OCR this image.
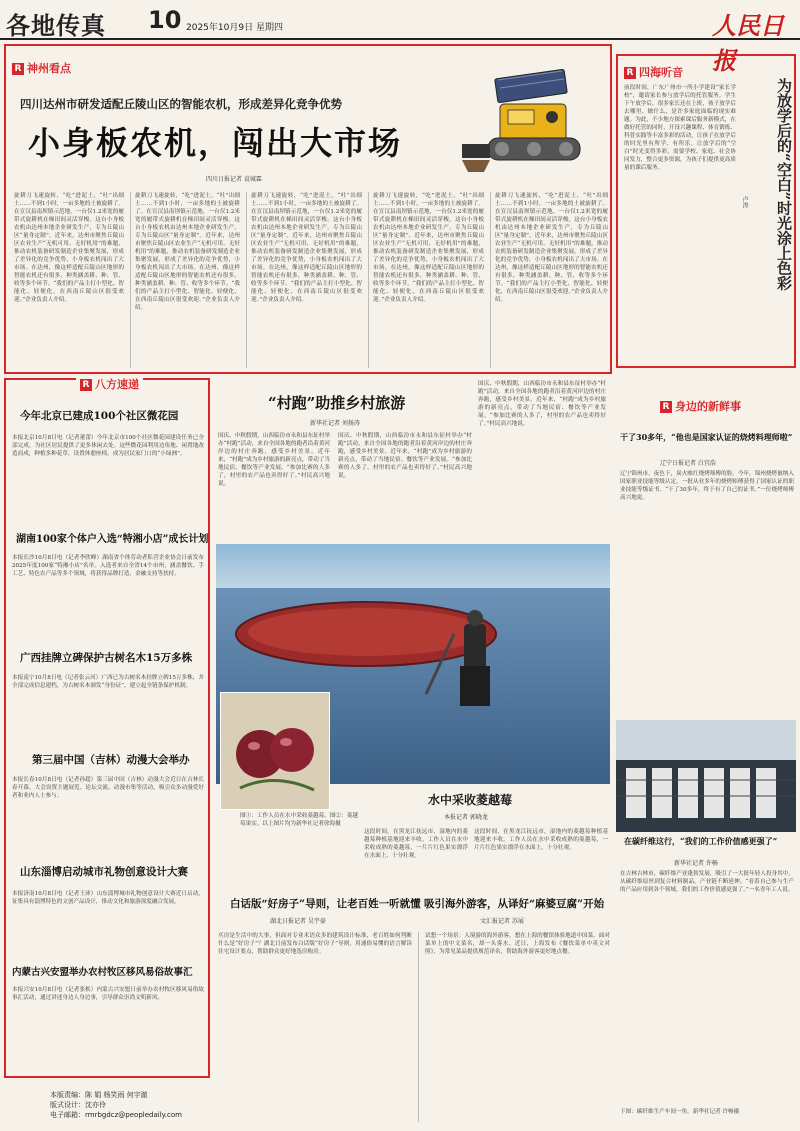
各地传真 10 2025年10月9日 星期四	人民日报
R 神州看点
四川达州市研发适配丘陵山区的智能农机，形成差异化竞争优势
小身板农机，闯出大市场
四川日报记者 袁城霖
旋耕刀飞速旋转，“吃”进泥土，“吐”出细土……不到1小时，一亩多地的土被旋耕了。在宣汉县南坝镇示范地，一台仅1.2米宽的履带式旋耕机在梯田间灵活穿梭。这台小身板农机由达州本地企业研发生产，专为丘陵山区“量身定制”。近年来，达州市聚焦丘陵山区农业生产“无机可用、无好机用”的难题，推动农机装备研发制造企业集聚发展，形成了差异化的竞争优势，小身板农机闯出了大市场。在达州，像这样适配丘陵山区地形的智能农机还有很多，种类涵盖耕、种、管、收等多个环节。“我们的产品主打小型化、智能化、轻便化，在西南丘陵山区很受欢迎。”企业负责人介绍。
旋耕刀飞速旋转，“吃”进泥土，“吐”出细土……不到1小时，一亩多地的土被旋耕了。在宣汉县南坝镇示范地，一台仅1.2米宽的履带式旋耕机在梯田间灵活穿梭。这台小身板农机由达州本地企业研发生产，专为丘陵山区“量身定制”。近年来，达州市聚焦丘陵山区农业生产“无机可用、无好机用”的难题，推动农机装备研发制造企业集聚发展，形成了差异化的竞争优势，小身板农机闯出了大市场。在达州，像这样适配丘陵山区地形的智能农机还有很多，种类涵盖耕、种、管、收等多个环节。“我们的产品主打小型化、智能化、轻便化，在西南丘陵山区很受欢迎。”企业负责人介绍。
旋耕刀飞速旋转，“吃”进泥土，“吐”出细土……不到1小时，一亩多地的土被旋耕了。在宣汉县南坝镇示范地，一台仅1.2米宽的履带式旋耕机在梯田间灵活穿梭。这台小身板农机由达州本地企业研发生产，专为丘陵山区“量身定制”。近年来，达州市聚焦丘陵山区农业生产“无机可用、无好机用”的难题，推动农机装备研发制造企业集聚发展，形成了差异化的竞争优势，小身板农机闯出了大市场。在达州，像这样适配丘陵山区地形的智能农机还有很多，种类涵盖耕、种、管、收等多个环节。“我们的产品主打小型化、智能化、轻便化，在西南丘陵山区很受欢迎。”企业负责人介绍。
旋耕刀飞速旋转，“吃”进泥土，“吐”出细土……不到1小时，一亩多地的土被旋耕了。在宣汉县南坝镇示范地，一台仅1.2米宽的履带式旋耕机在梯田间灵活穿梭。这台小身板农机由达州本地企业研发生产，专为丘陵山区“量身定制”。近年来，达州市聚焦丘陵山区农业生产“无机可用、无好机用”的难题，推动农机装备研发制造企业集聚发展，形成了差异化的竞争优势，小身板农机闯出了大市场。在达州，像这样适配丘陵山区地形的智能农机还有很多，种类涵盖耕、种、管、收等多个环节。“我们的产品主打小型化、智能化、轻便化，在西南丘陵山区很受欢迎。”企业负责人介绍。
旋耕刀飞速旋转，“吃”进泥土，“吐”出细土……不到1小时，一亩多地的土被旋耕了。在宣汉县南坝镇示范地，一台仅1.2米宽的履带式旋耕机在梯田间灵活穿梭。这台小身板农机由达州本地企业研发生产，专为丘陵山区“量身定制”。近年来，达州市聚焦丘陵山区农业生产“无机可用、无好机用”的难题，推动农机装备研发制造企业集聚发展，形成了差异化的竞争优势，小身板农机闯出了大市场。在达州，像这样适配丘陵山区地形的智能农机还有很多，种类涵盖耕、种、管、收等多个环节。“我们的产品主打小型化、智能化、轻便化，在西南丘陵山区很受欢迎。”企业负责人介绍。
R 四海听音
前段时间，广东广州市一所小学建设“家长学校”，邀请家长参与放学后的托管服务。学生下午放学后，很多家长还在上班，孩子放学后去哪里、做什么，是许多家庭面临的现实难题。为此，不少地方探索课后服务新模式，在做好托管的同时，开设兴趣课程、体育锻炼、科普实践等丰富多彩的活动，让孩子在放学后的时光里有所学、有所乐。让放学后的“空白”时光变得多彩，需要学校、家庭、社会协同发力，整合更多资源，为孩子们提供更高质量的课后服务。	为放学后的“空白”时光涂上色彩
卢涛
R 八方速递
今年北京已建成100个社区微花园
本报北京10月8日电（记者董蕾）今年北京市100个社区微花园建设任务已全部完成，为社区居民提供了更多休闲去处。这些微花园利用边角地、闲置地改造而成，种植多种花草，设置休憩座椅，成为居民家门口的“小绿洲”。
湖南100家个体户入选“特湘小店”成长计划
本报长沙10月8日电（记者李欣峰）湖南省个体劳动者私营企业协会日前发布2025年度100家“特湘小店”名单。入选者来自全省14个市州，涵盖餐饮、手工艺、特色农产品等多个领域，将获得品牌打造、金融支持等扶持。
广西挂牌立碑保护古树名木15万多株
本报南宁10月8日电（记者张云河）广西已为古树名木挂牌立碑15万多株，并全部完成信息建档，为古树名木颁发“身份证”，建立起全链条保护机制。
第三届中国（吉林）动漫大会举办
本报长春10月8日电（记者孙超）第三届中国（吉林）动漫大会近日在吉林长春开幕。大会设置主题展览、论坛交流、动漫市集等活动，吸引众多动漫爱好者和业内人士参与。
山东淄博启动城市礼物创意设计大赛
本报济南10月8日电（记者王沛）山东淄博城市礼物创意设计大赛近日启动，征集具有淄博特色的文创产品设计，推动文化和旅游深度融合发展。
内蒙古兴安盟举办农村牧区移风易俗故事汇
本报兴安10月8日电（记者张枨）内蒙古兴安盟日前举办农村牧区移风易俗故事汇活动，通过讲述身边人身边事，引导群众崇尚文明新风。
本版责编：陈 娟 杨笑雨 何宇澈
版式设计：沈亦伶
电子邮箱：rmrbgdcz@peopledaily.com
“村跑”助推乡村旅游
新华社记者 刘扬涛
国庆、中秋假期，山西临汾市永和县东征村举办“村跑”活动，来自全国各地的跑者沿着黄河岸边的村庄奔跑，感受乡村美景。近年来，“村跑”成为乡村旅游的新亮点，带动了当地民宿、餐饮等产业发展。“参加比赛的人多了，村里的农产品也卖得好了。”村民高兴地说。
国庆、中秋假期，山西临汾市永和县东征村举办“村跑”活动，来自全国各地的跑者沿着黄河岸边的村庄奔跑，感受乡村美景。近年来，“村跑”成为乡村旅游的新亮点，带动了当地民宿、餐饮等产业发展。“参加比赛的人多了，村里的农产品也卖得好了。”村民高兴地说。
国庆、中秋假期，山西临汾市永和县东征村举办“村跑”活动，来自全国各地的跑者沿着黄河岸边的村庄奔跑，感受乡村美景。近年来，“村跑”成为乡村旅游的新亮点，带动了当地民宿、餐饮等产业发展。“参加比赛的人多了，村里的农产品也卖得好了。”村民高兴地说。
图①：工作人员在水中采收菱越莓。图②：菱越莓果实。以上图片均为新华社记者徐海摄
水中采收菱越莓
本报记者 郭晓龙
这段时间，在黑龙江抚远市，湿地内的菱越莓种植基地迎来丰收。工作人员在水中采收成熟的菱越莓，一片片红色果实漂浮在水面上，十分壮观。
这段时间，在黑龙江抚远市，湿地内的菱越莓种植基地迎来丰收。工作人员在水中采收成熟的菱越莓，一片片红色果实漂浮在水面上，十分壮观。
白话版“好房子”导则，让老百姓一听就懂
湖北日报记者 吴宇豪
买房是生活中的大事，但面对专业术语众多的建筑设计标准，老百姓如何判断什么是“好房子”？湖北日前发布白话版“好房子”导则，用通俗易懂的语言解读住宅设计要点，帮助群众更好地选房购房。
吸引海外游客，从译好“麻婆豆腐”开始
文汇报记者 苏展
试想一个场景：入境游的海外游客，想在上海的餐馆体验地道中国菜，面对菜单上的中文菜名，却一头雾水。近日，上海发布《餐饮菜单中英文对照》，为常见菜品提供规范译名，帮助海外游客更好地点餐。
R 身边的新鲜事
干了30多年，“他也是国家认证的烧烤料理师啦”
辽宁日报记者 白宜浩
辽宁锦州市，夜色下，炭火映红烧烤师傅的脸。今年，锦州烧烤被纳入国家职业技能等级认定，一批从业多年的烧烤师傅获得了国家认证的职业技能等级证书。“干了30多年，终于有了自己的证书。”一位烧烤师傅高兴地说。
在碳纤维这行，“我们的工作价值感更强了”
新华社记者 许畅
在吉林吉林市，碳纤维产业蓬勃发展，吸引了一大批年轻人投身其中。从碳纤维原丝到复合材料制品，产业链不断延伸。“看着自己参与生产的产品应用到各个领域，我们的工作价值感更强了。”一名青年工人说。
下图：碳纤维生产车间一角。新华社记者 许畅摄
